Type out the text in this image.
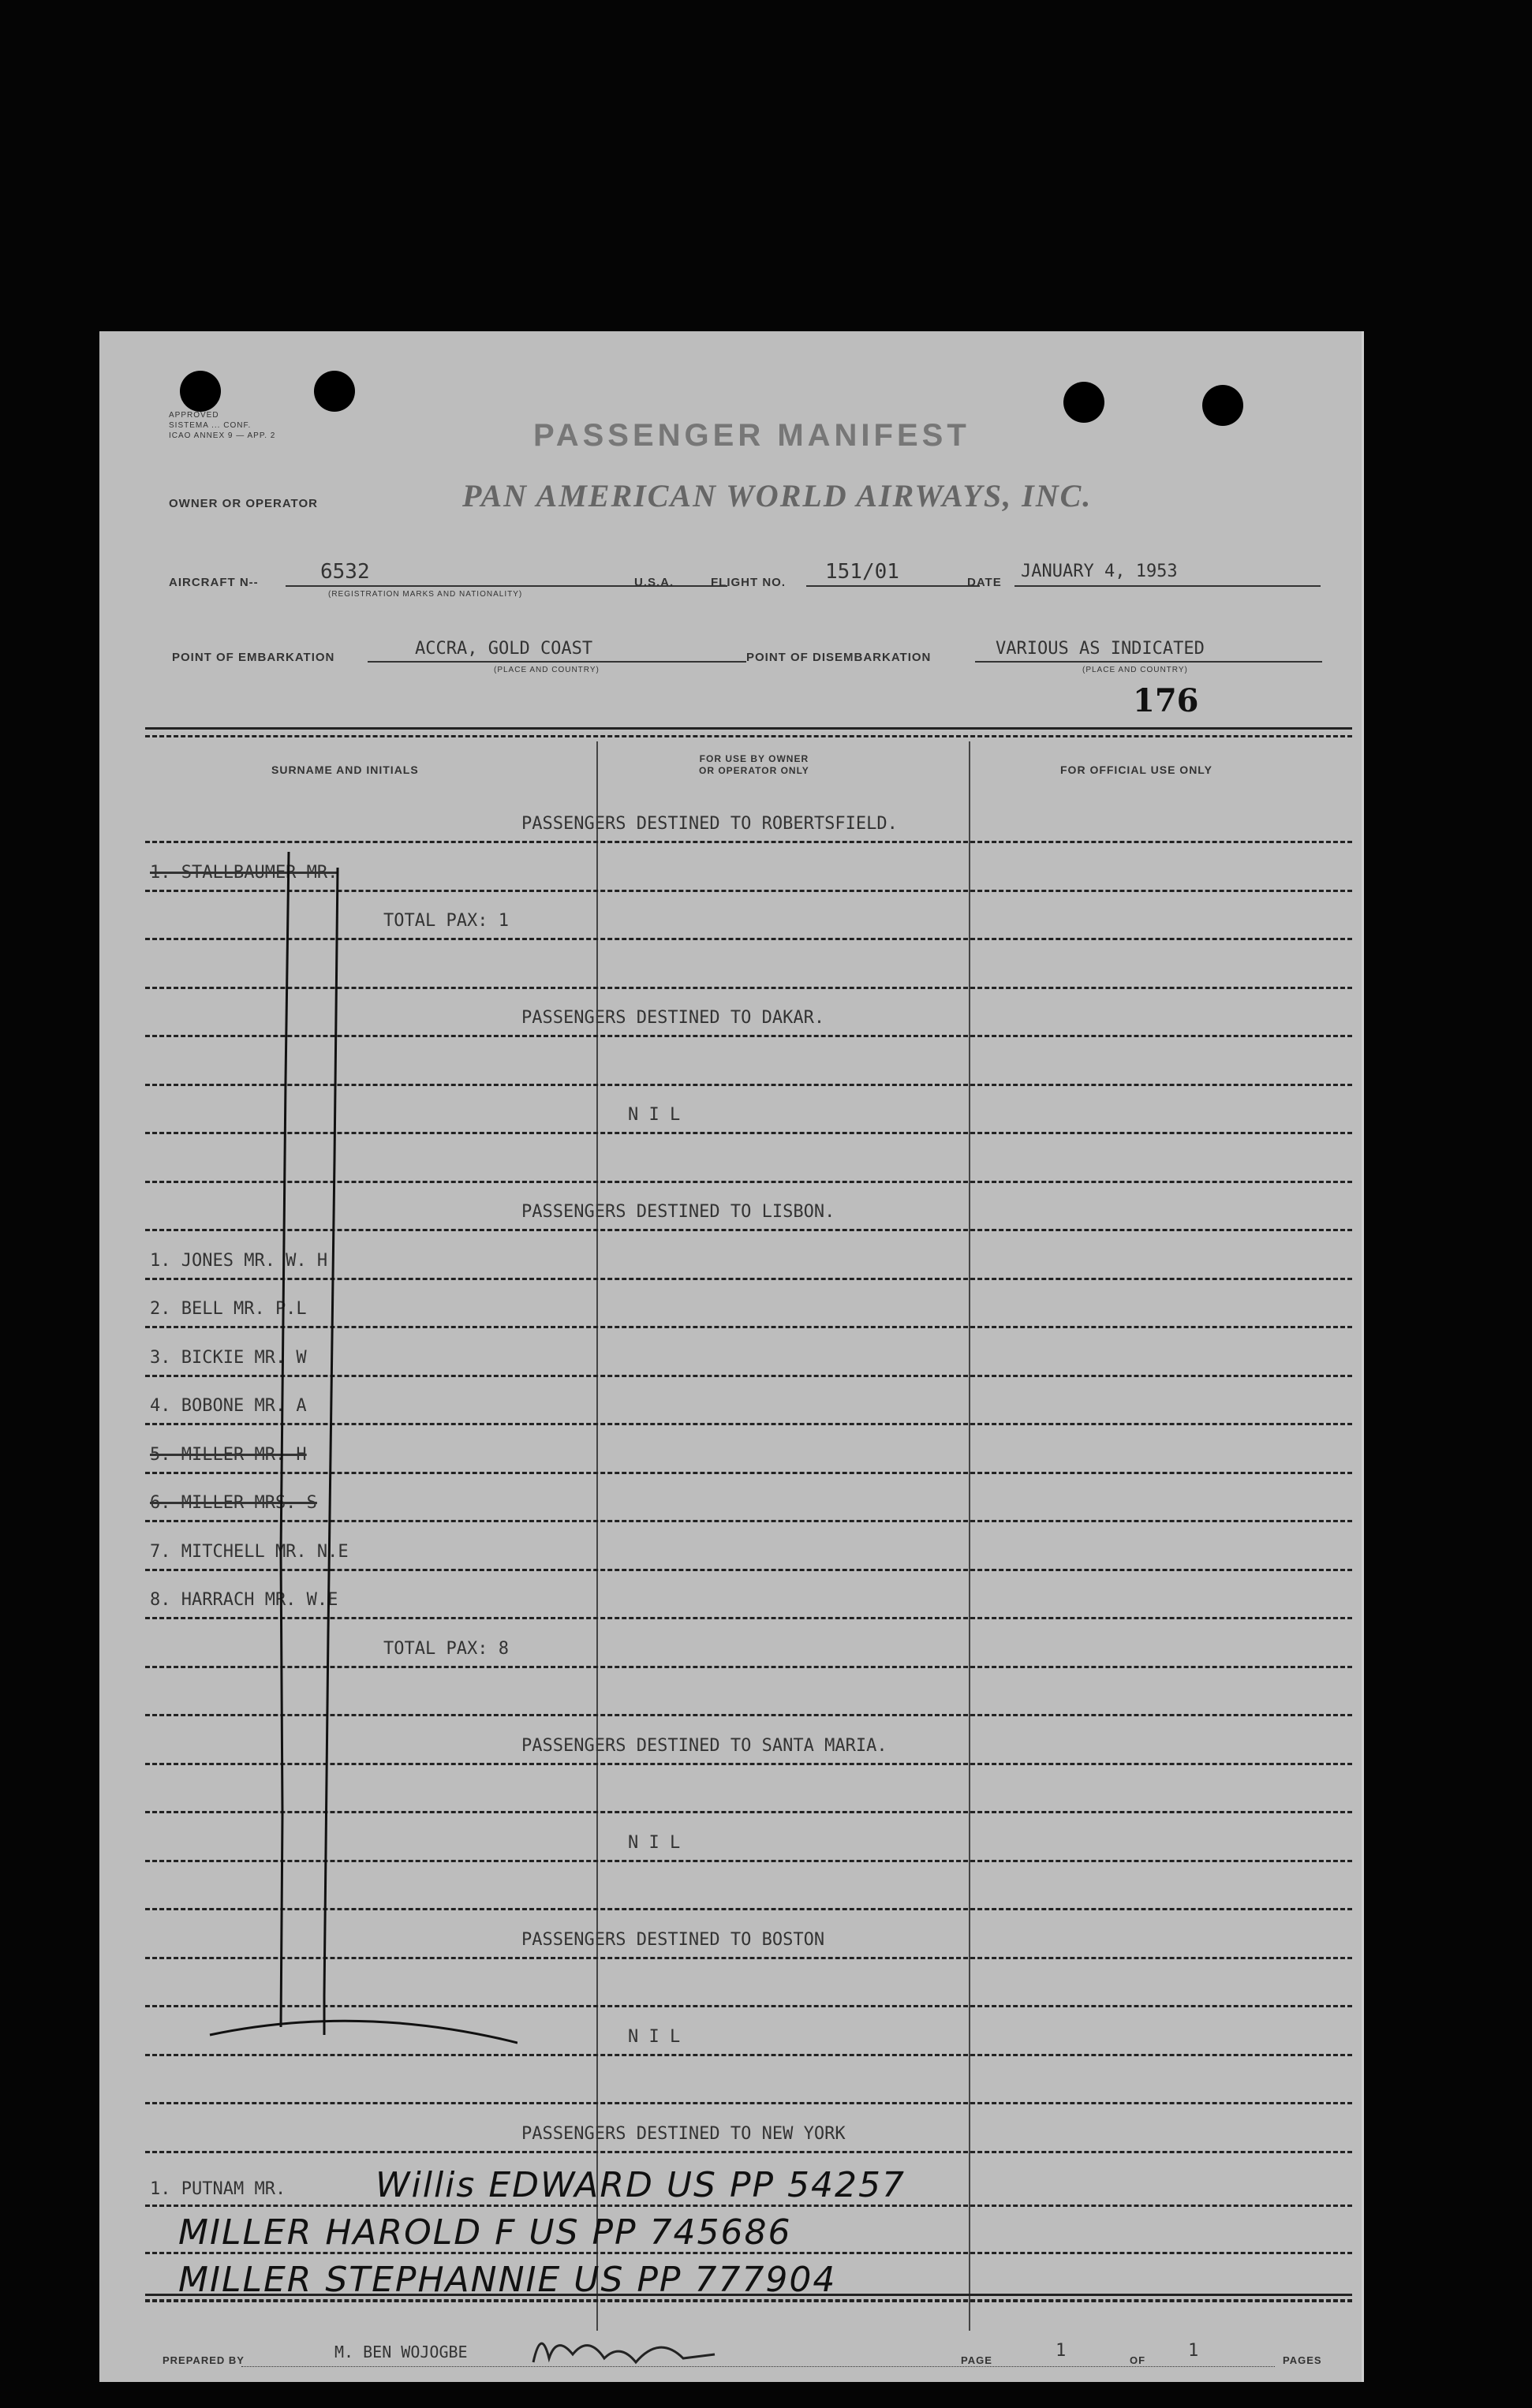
APPROVED
SISTEMA ... CONF.
ICAO ANNEX 9 — APP. 2	PASSENGER MANIFEST
OWNER OR OPERATOR	PAN AMERICAN WORLD AIRWAYS, INC.
AIRCRAFT N--	6532
(REGISTRATION MARKS AND NATIONALITY)
U.S.A.	FLIGHT NO. 151/01	DATE
JANUARY 4, 1953
POINT OF EMBARKATION	ACCRA, GOLD COAST
(PLACE AND COUNTRY)
POINT OF DISEMBARKATION	VARIOUS AS INDICATED
(PLACE AND COUNTRY)
176
SURNAME AND INITIALS
FOR USE BY OWNER
OR OPERATOR ONLY	FOR OFFICIAL USE ONLY
PASSENGERS DESTINED TO ROBERTSFIELD.
1. STALLBAUMER MR.
TOTAL PAX: 1
PASSENGERS DESTINED TO DAKAR.
N I L
PASSENGERS DESTINED TO LISBON.
1. JONES MR. W. H
2. BELL MR. P.L
3. BICKIE MR. W
4. BOBONE MR. A
5. MILLER MR. H
6. MILLER MRS. S
7. MITCHELL MR. N.E
8. HARRACH MR. W.E
TOTAL PAX: 8
PASSENGERS DESTINED TO SANTA MARIA.
N I L
PASSENGERS DESTINED TO BOSTON
N I L
PASSENGERS DESTINED TO NEW YORK
1. PUTNAM MR.	Willis EDWARD US PP 54257
MILLER HAROLD F US PP 745686
MILLER STEPHANNIE US PP 777904
PREPARED BY	M. BEN WOJOGBE	PAGE	1	OF 1	PAGES
